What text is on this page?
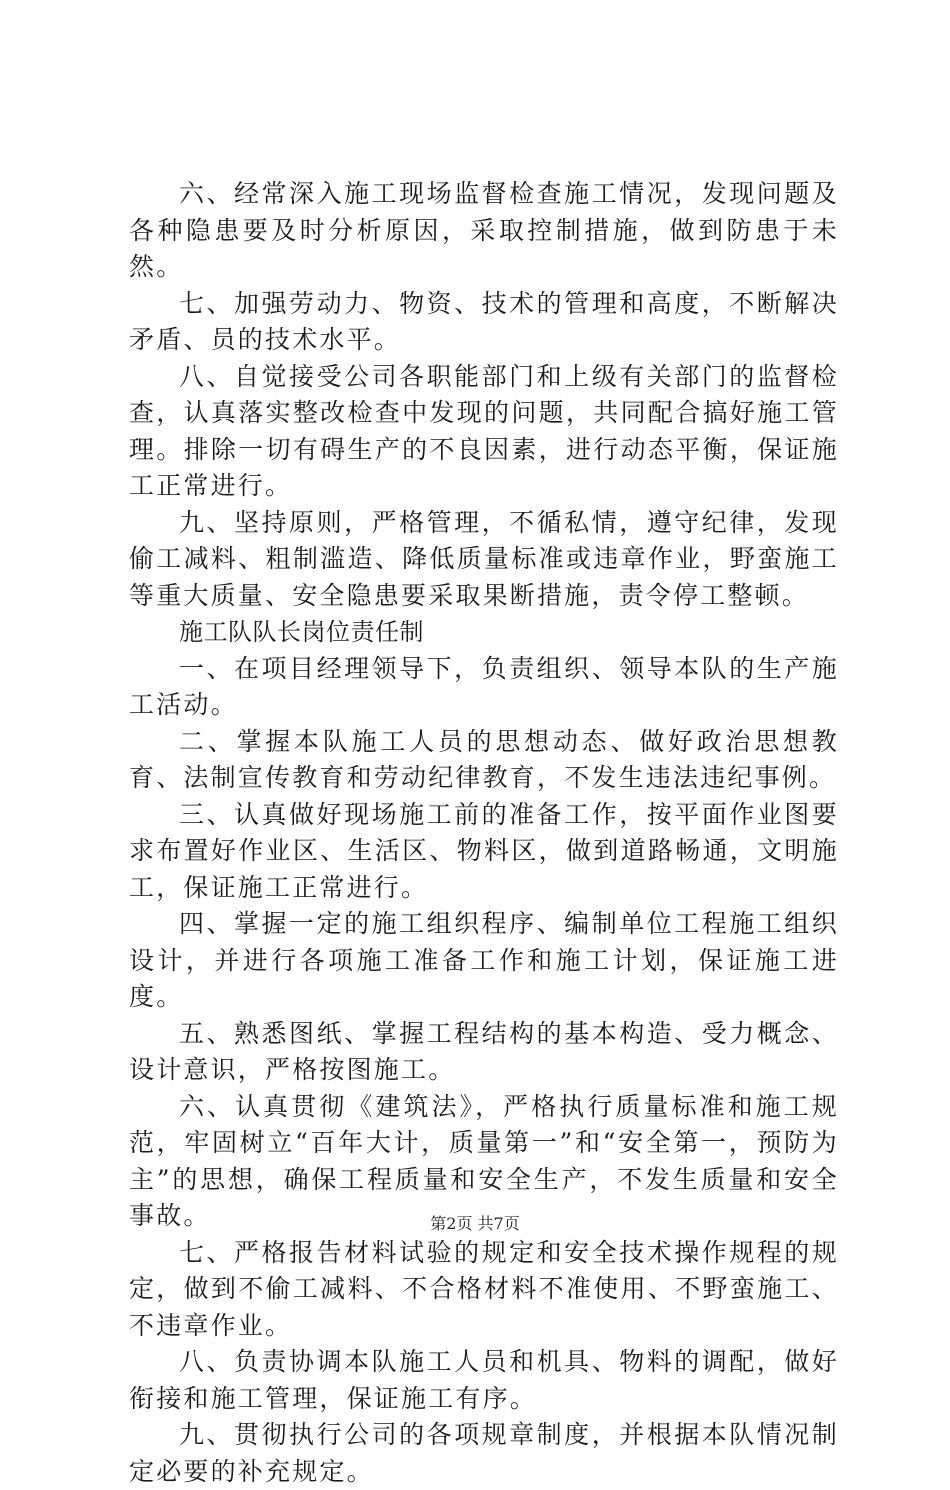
六、经常深入施工现场监督检查施工情况，发现问题及各种隐患要及时分析原因，采取控制措施，做到防患于未然。

七、加强劳动力、物资、技术的管理和高度，不断解决矛盾、员的技术水平。

八、自觉接受公司各职能部门和上级有关部门的监督检查，认真落实整改检查中发现的问题，共同配合搞好施工管理。排除一切有碍生产的不良因素，进行动态平衡，保证施工正常进行。

九、坚持原则，严格管理，不循私情，遵守纪律，发现偷工减料、粗制滥造、降低质量标准或违章作业，野蛮施工等重大质量、安全隐患要采取果断措施，责令停工整顿。

施工队队长岗位责任制

一、在项目经理领导下，负责组织、领导本队的生产施工活动。

二、掌握本队施工人员的思想动态、做好政治思想教育、法制宣传教育和劳动纪律教育，不发生违法违纪事例。

三、认真做好现场施工前的准备工作，按平面作业图要求布置好作业区、生活区、物料区，做到道路畅通，文明施工，保证施工正常进行。

四、掌握一定的施工组织程序、编制单位工程施工组织设计，并进行各项施工准备工作和施工计划，保证施工进度。

五、熟悉图纸、掌握工程结构的基本构造、受力概念、设计意识，严格按图施工。

六、认真贯彻《建筑法》，严格执行质量标准和施工规范，牢固树立“百年大计，质量第一”和“安全第一，预防为主”的思想，确保工程质量和安全生产，不发生质量和安全事故。

七、严格报告材料试验的规定和安全技术操作规程的规定，做到不偷工减料、不合格材料不准使用、不野蛮施工、不违章作业。

八、负责协调本队施工人员和机具、物料的调配，做好衔接和施工管理，保证施工有序。

九、贯彻执行公司的各项规章制度，并根据本队情况制定必要的补充规定。

第2页 共7页
